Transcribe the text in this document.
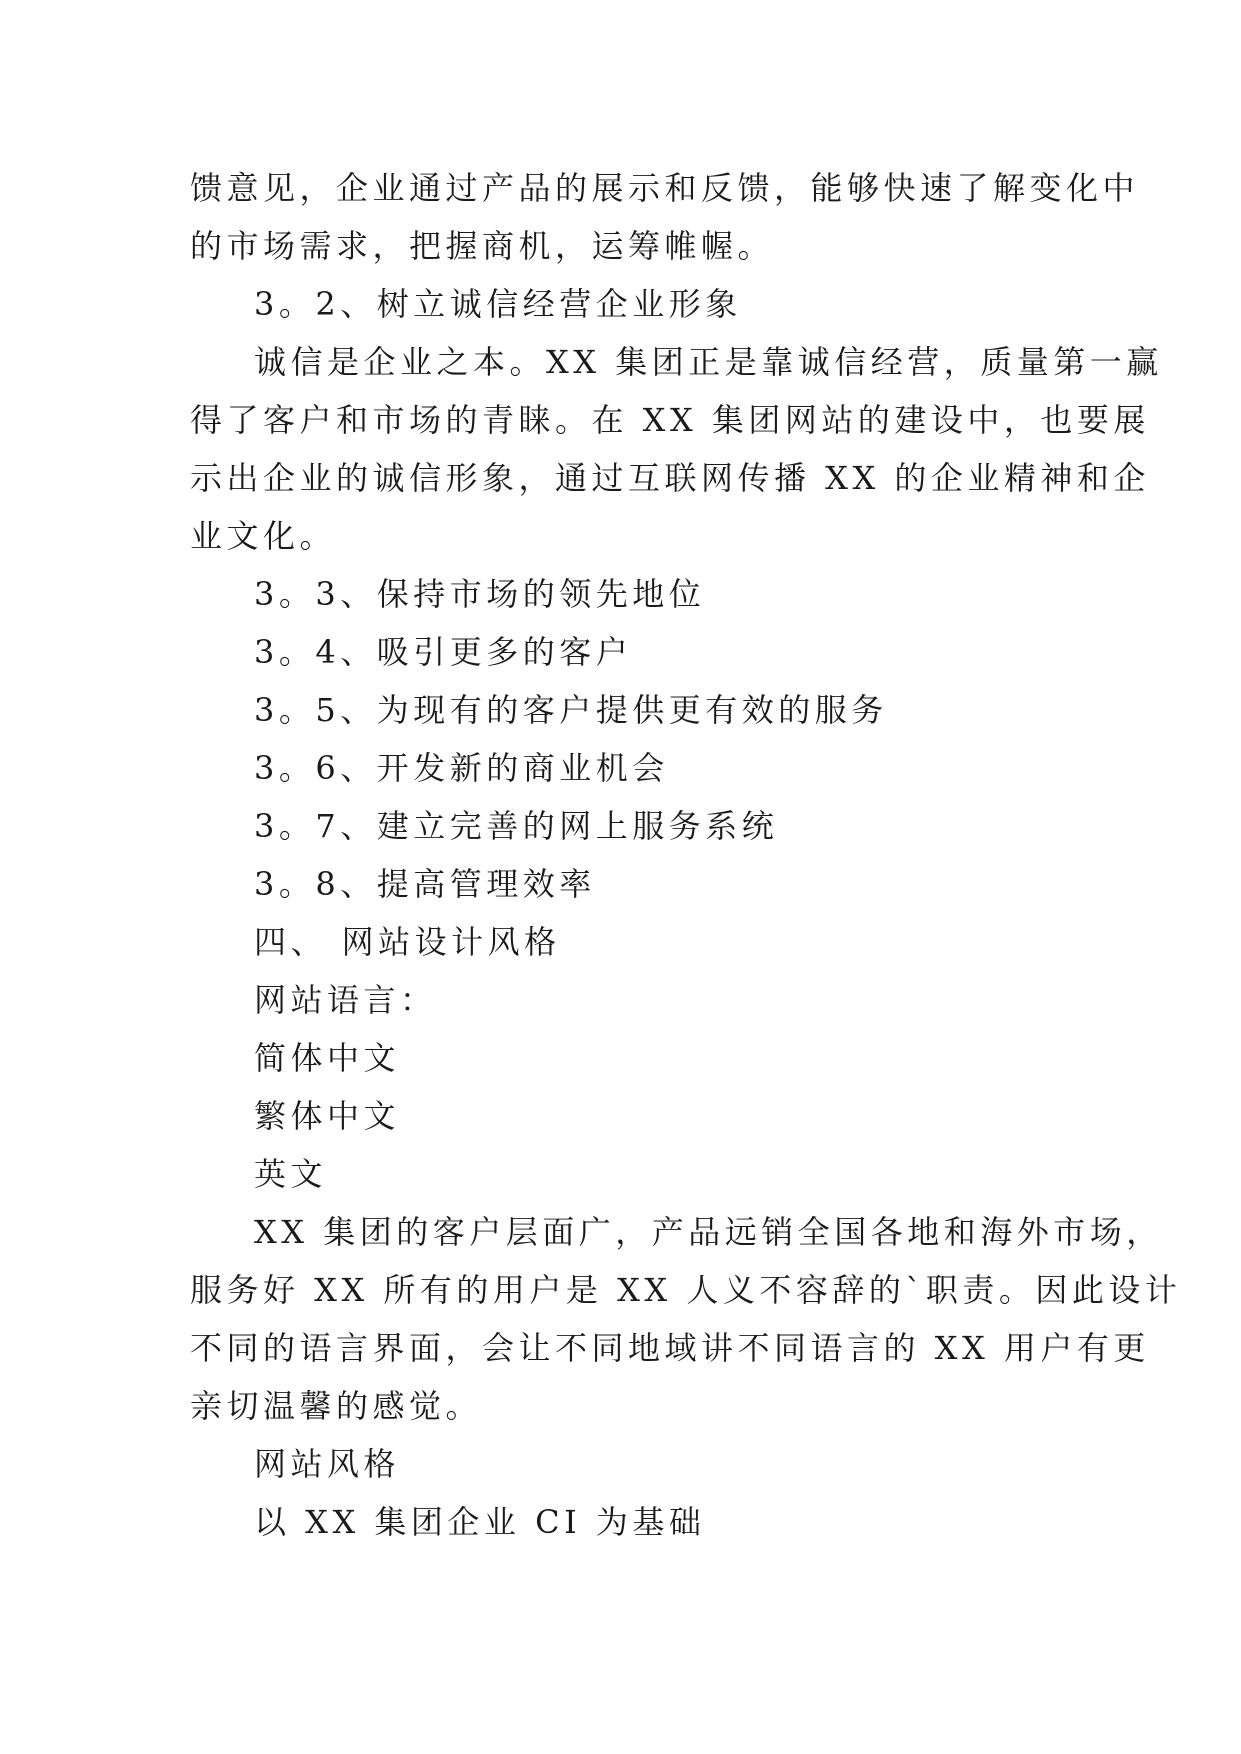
馈意见，企业通过产品的展示和反馈，能够快速了解变化中
的市场需求，把握商机，运筹帷幄。
3。2、树立诚信经营企业形象
诚信是企业之本。XX 集团正是靠诚信经营，质量第一赢
得了客户和市场的青睐。在 XX 集团网站的建设中，也要展
示出企业的诚信形象，通过互联网传播 XX 的企业精神和企
业文化。
3。3、保持市场的领先地位
3。4、吸引更多的客户
3。5、为现有的客户提供更有效的服务
3。6、开发新的商业机会
3。7、建立完善的网上服务系统
3。8、提高管理效率
四、 网站设计风格
网站语言：
简体中文
繁体中文
英文
XX 集团的客户层面广，产品远销全国各地和海外市场，
服务好 XX 所有的用户是 XX 人义不容辞的`职责。因此设计
不同的语言界面，会让不同地域讲不同语言的 XX 用户有更
亲切温馨的感觉。
网站风格
以 XX 集团企业 CI 为基础
